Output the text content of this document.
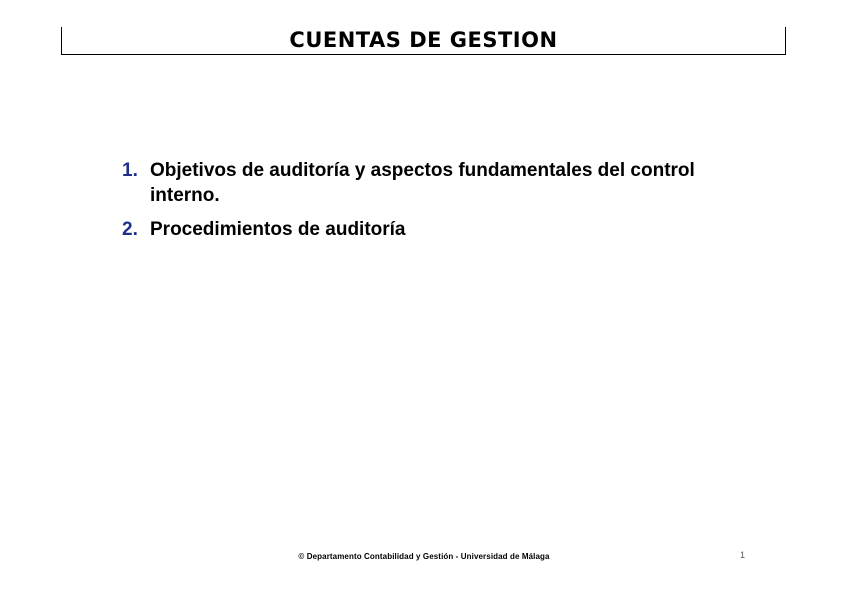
CUENTAS DE GESTION
1. Objetivos de auditoría y aspectos fundamentales del control interno.
2. Procedimientos de auditoría
© Departamento Contabilidad y Gestión - Universidad de Málaga	1
